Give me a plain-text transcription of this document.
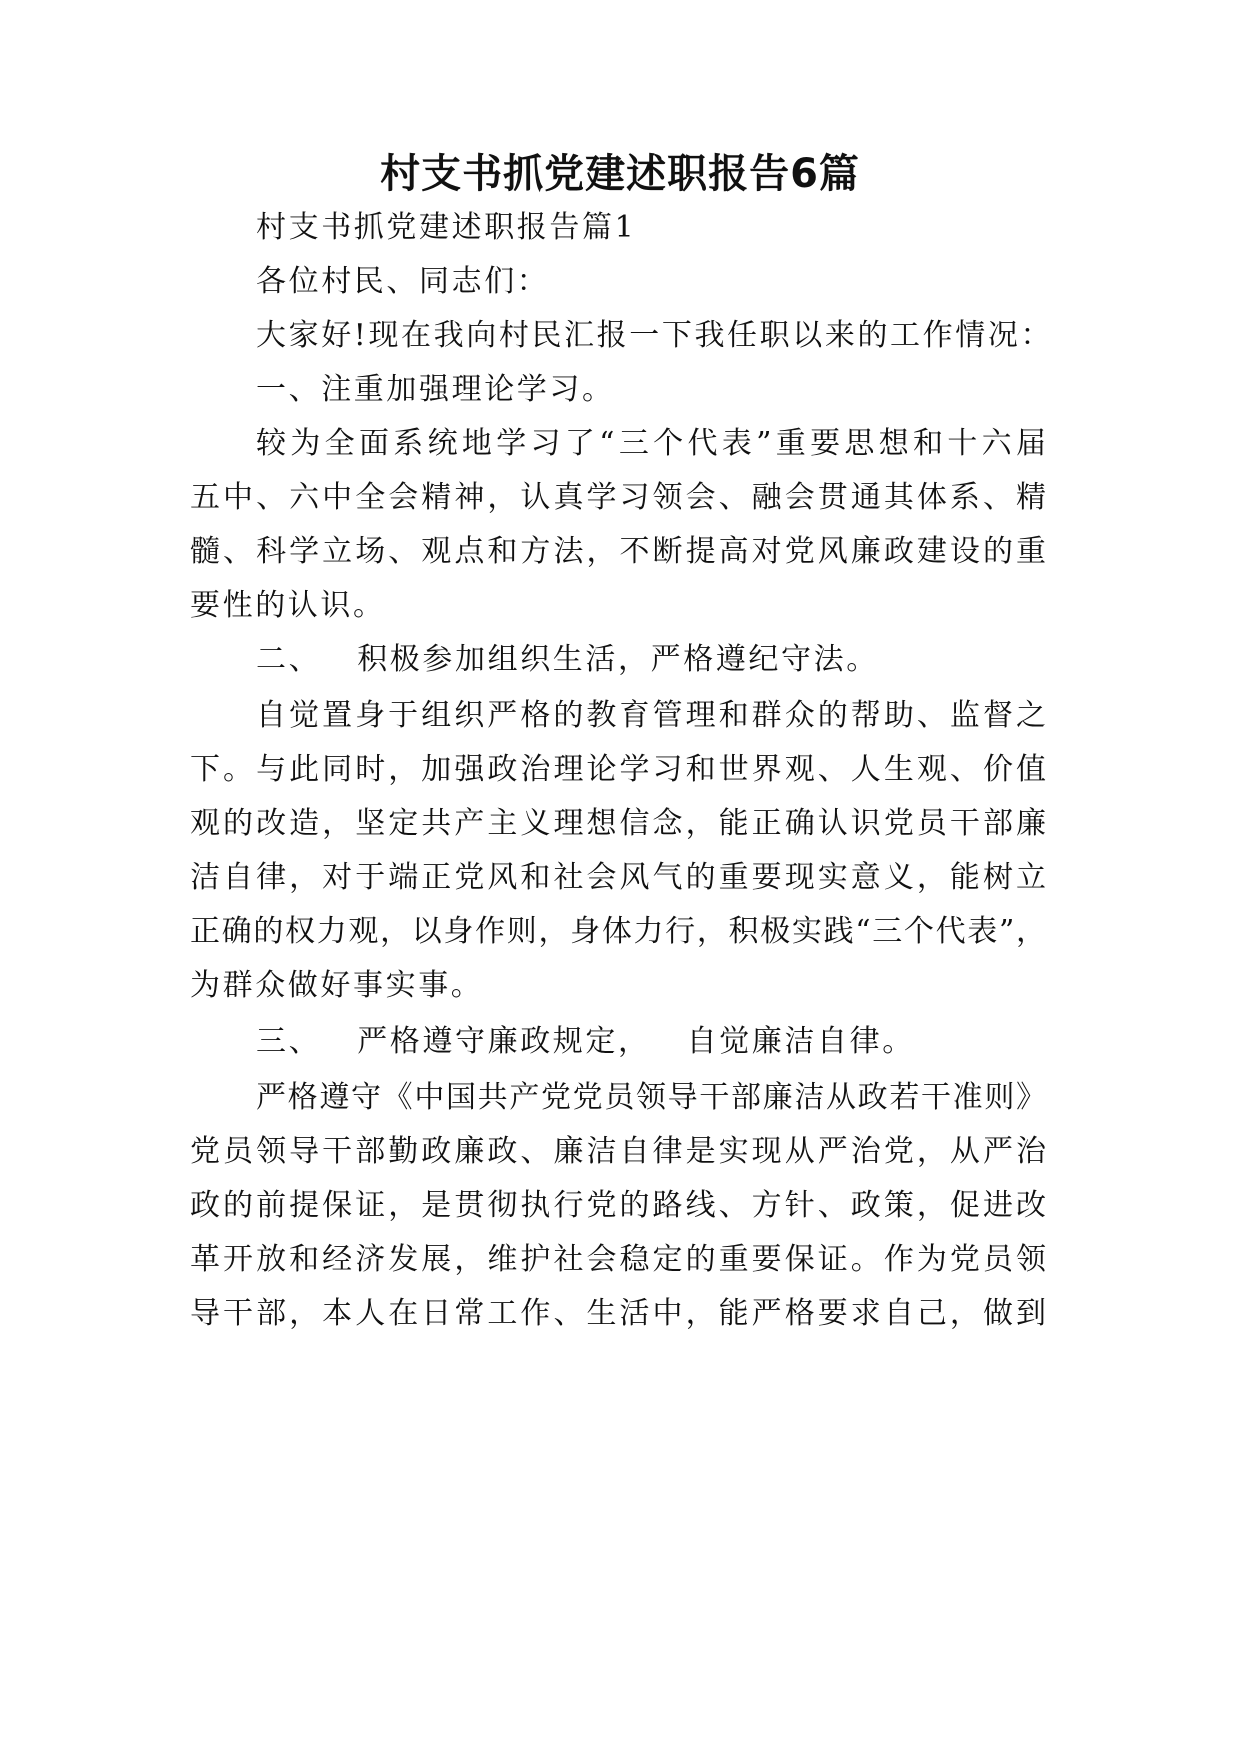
村支书抓党建述职报告6篇

村支书抓党建述职报告篇1

各位村民、同志们：

大家好!现在我向村民汇报一下我任职以来的工作情况：

一、注重加强理论学习。

较为全面系统地学习了“三个代表”重要思想和十六届

五中、六中全会精神，认真学习领会、融会贯通其体系、精

髓、科学立场、观点和方法，不断提高对党风廉政建设的重

要性的认识。

二、 积极参加组织生活，严格遵纪守法。

自觉置身于组织严格的教育管理和群众的帮助、监督之

下。与此同时，加强政治理论学习和世界观、人生观、价值

观的改造，坚定共产主义理想信念，能正确认识党员干部廉

洁自律，对于端正党风和社会风气的重要现实意义，能树立

正确的权力观，以身作则，身体力行，积极实践“三个代表”，

为群众做好事实事。

三、 严格遵守廉政规定， 自觉廉洁自律。

严格遵守《中国共产党党员领导干部廉洁从政若干准则》

党员领导干部勤政廉政、廉洁自律是实现从严治党，从严治

政的前提保证，是贯彻执行党的路线、方针、政策，促进改

革开放和经济发展，维护社会稳定的重要保证。作为党员领

导干部，本人在日常工作、生活中，能严格要求自己，做到
